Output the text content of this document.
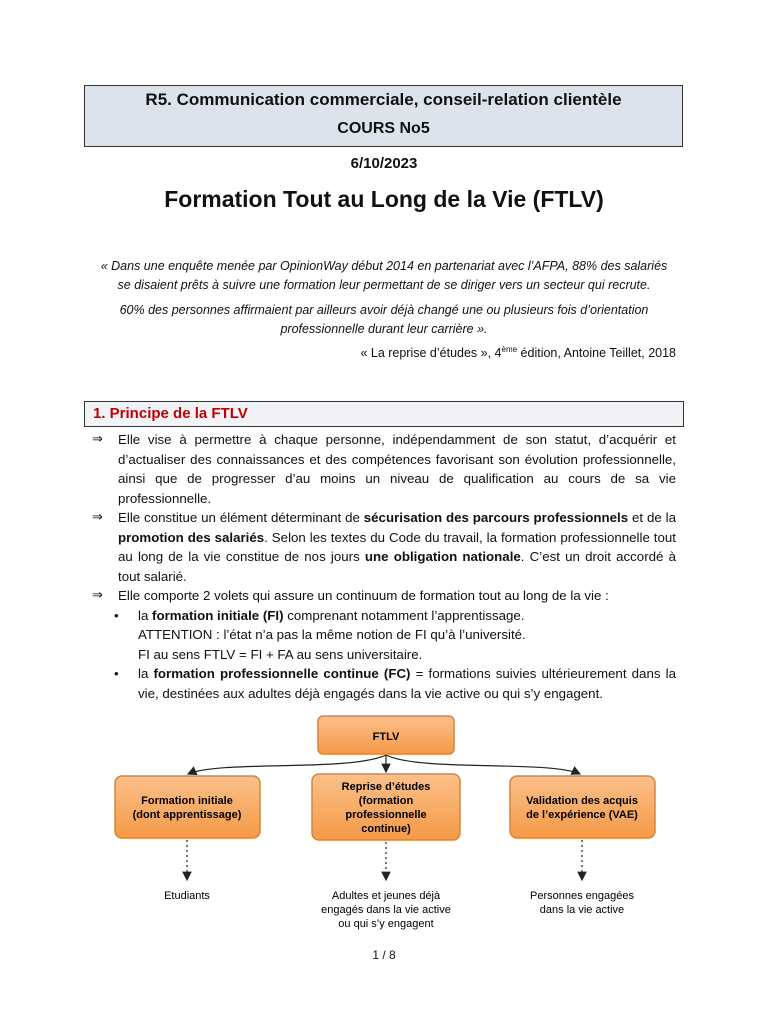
R5. Communication commerciale, conseil-relation clientèle
COURS No5
6/10/2023
Formation Tout au Long de la Vie (FTLV)
« Dans une enquête menée par OpinionWay début 2014 en partenariat avec l’AFPA, 88% des salariés
se disaient prêts à suivre une formation leur permettant de se diriger vers un secteur qui recrute.
60% des personnes affirmaient par ailleurs avoir déjà changé une ou plusieurs fois d’orientation
professionnelle durant leur carrière ».
« La reprise d’études », 4ème édition, Antoine Teillet, 2018
1. Principe de la FTLV
⇒ Elle vise à permettre à chaque personne, indépendamment de son statut, d’acquérir et d’actualiser des connaissances et des compétences favorisant son évolution professionnelle, ainsi que de progresser d’au moins un niveau de qualification au cours de sa vie professionnelle.
⇒ Elle constitue un élément déterminant de sécurisation des parcours professionnels et de la promotion des salariés. Selon les textes du Code du travail, la formation professionnelle tout au long de la vie constitue de nos jours une obligation nationale. C’est un droit accordé à tout salarié.
⇒ Elle comporte 2 volets qui assure un continuum de formation tout au long de la vie :
• la formation initiale (FI) comprenant notamment l’apprentissage.
ATTENTION : l’état n’a pas la même notion de FI qu’à l’université.
FI au sens FTLV = FI + FA au sens universitaire.
• la formation professionnelle continue (FC) = formations suivies ultérieurement dans la vie, destinées aux adultes déjà engagés dans la vie active ou qui s’y engagent.
FTLV
Formation initiale
(dont apprentissage)
Reprise d’études
(formation
professionnelle
continue)
Validation des acquis
de l’expérience (VAE)
Etudiants	Adultes et jeunes déjà
engagés dans la vie active
ou qui s’y engagent
Personnes engagées
dans la vie active
1 / 8
